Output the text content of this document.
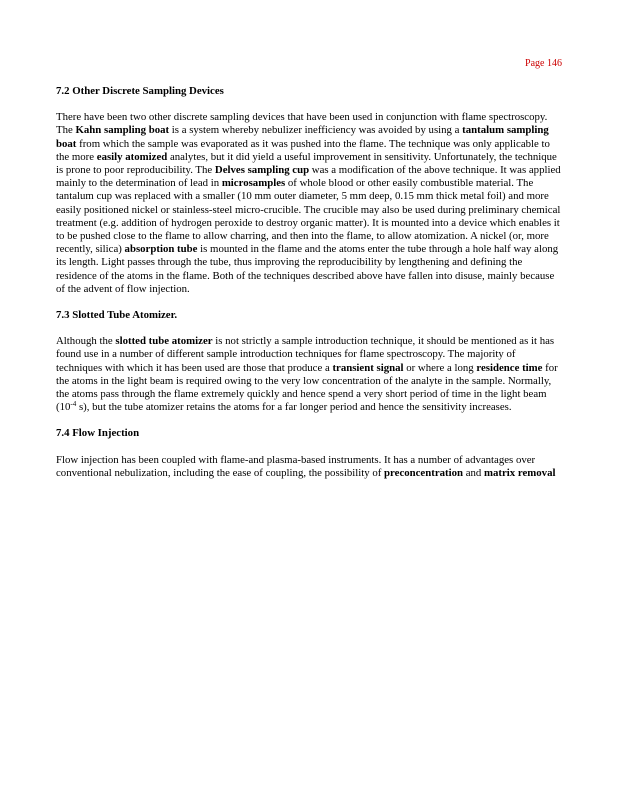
Page 146
7.2 Other Discrete Sampling Devices

There have been two other discrete sampling devices that have been used in conjunction with flame spectroscopy. The Kahn sampling boat is a system whereby nebulizer inefficiency was avoided by using a tantalum sampling boat from which the sample was evaporated as it was pushed into the flame. The technique was only applicable to the more easily atomized analytes, but it did yield a useful improvement in sensitivity. Unfortunately, the technique is prone to poor reproducibility. The Delves sampling cup was a modification of the above technique. It was applied mainly to the determination of lead in microsamples of whole blood or other easily combustible material. The tantalum cup was replaced with a smaller (10 mm outer diameter, 5 mm deep, 0.15 mm thick metal foil) and more easily positioned nickel or stainless-steel micro-crucible. The crucible may also be used during preliminary chemical treatment (e.g. addition of hydrogen peroxide to destroy organic matter). It is mounted into a device which enables it to be pushed close to the flame to allow charring, and then into the flame, to allow atomization. A nickel (or, more recently, silica) absorption tube is mounted in the flame and the atoms enter the tube through a hole half way along its length. Light passes through the tube, thus improving the reproducibility by lengthening and defining the residence of the atoms in the flame. Both of the techniques described above have fallen into disuse, mainly because of the advent of flow injection.

7.3 Slotted Tube Atomizer.

Although the slotted tube atomizer is not strictly a sample introduction technique, it should be mentioned as it has found use in a number of different sample introduction techniques for flame spectroscopy. The majority of techniques with which it has been used are those that produce a transient signal or where a long residence time for the atoms in the light beam is required owing to the very low concentration of the analyte in the sample. Normally, the atoms pass through the flame extremely quickly and hence spend a very short period of time in the light beam ($10^{-4}$ s), but the tube atomizer retains the atoms for a far longer period and hence the sensitivity increases.

7.4 Flow Injection

Flow injection has been coupled with flame-and plasma-based instruments. It has a number of advantages over conventional nebulization, including the ease of coupling, the possibility of preconcentration and matrix removal
